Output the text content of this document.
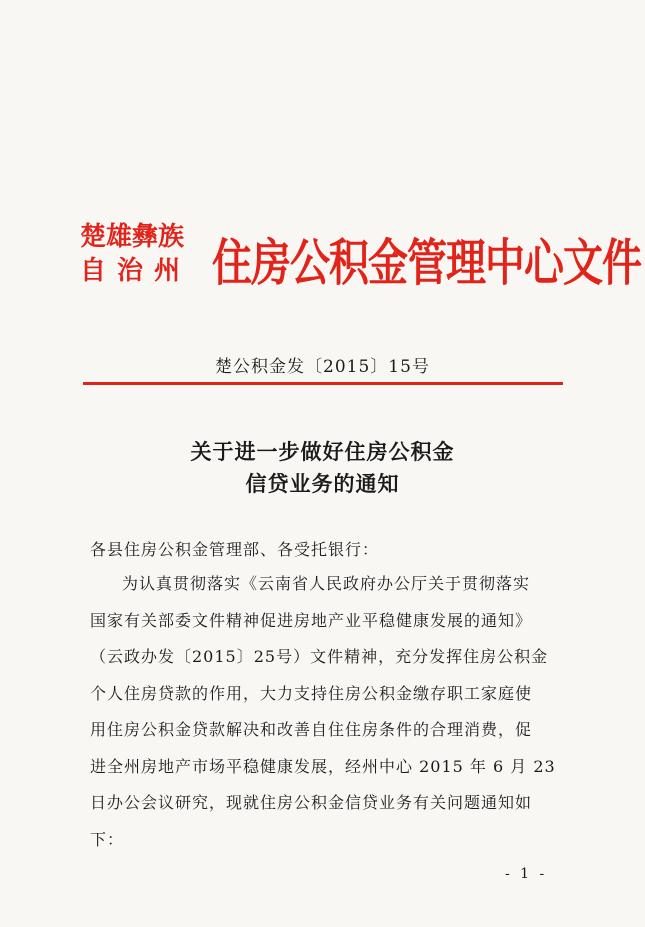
楚雄彝族
自治州 住房公积金管理中心文件
楚公积金发〔2015〕15号
关于进一步做好住房公积金
信贷业务的通知
各县住房公积金管理部、各受托银行：
为认真贯彻落实《云南省人民政府办公厅关于贯彻落实
国家有关部委文件精神促进房地产业平稳健康发展的通知》
（云政办发〔2015〕25号）文件精神，充分发挥住房公积金
个人住房贷款的作用，大力支持住房公积金缴存职工家庭使
用住房公积金贷款解决和改善自住住房条件的合理消费，促
进全州房地产市场平稳健康发展，经州中心 2015 年 6 月 23
日办公会议研究，现就住房公积金信贷业务有关问题通知如
下：
- 1 -
